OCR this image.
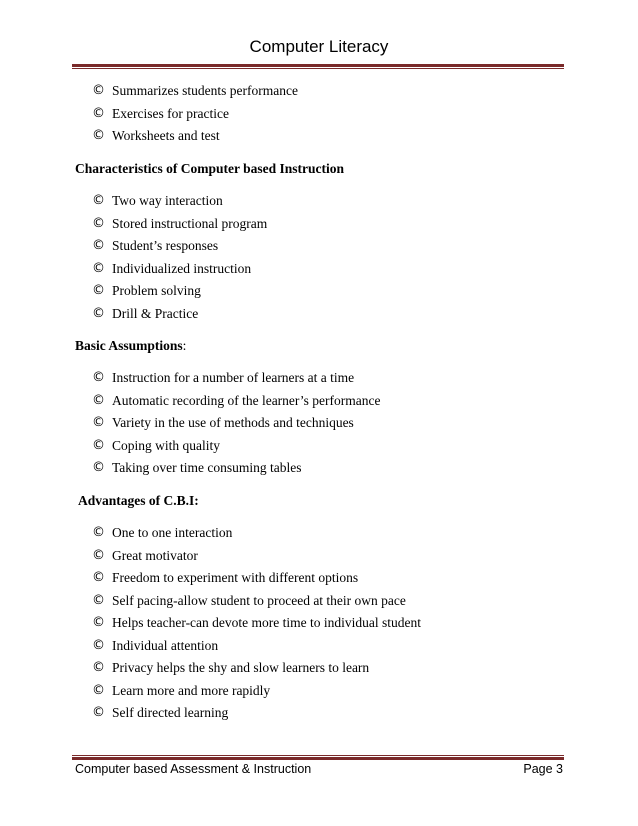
Computer Literacy
© Summarizes students performance
© Exercises for practice
© Worksheets and test
Characteristics of Computer based Instruction
© Two way interaction
© Stored instructional program
© Student’s responses
© Individualized instruction
© Problem solving
© Drill & Practice
Basic Assumptions:
© Instruction for a number of learners at a time
© Automatic recording of the learner’s performance
© Variety in the use of methods and techniques
© Coping with quality
© Taking over time consuming tables
Advantages of C.B.I:
© One to one interaction
© Great motivator
© Freedom to experiment with different options
© Self pacing-allow student to proceed at their own pace
© Helps teacher-can devote more time to individual student
© Individual attention
© Privacy helps the shy and slow learners to learn
© Learn more and more rapidly
© Self directed learning
Computer based Assessment & Instruction	Page 3
